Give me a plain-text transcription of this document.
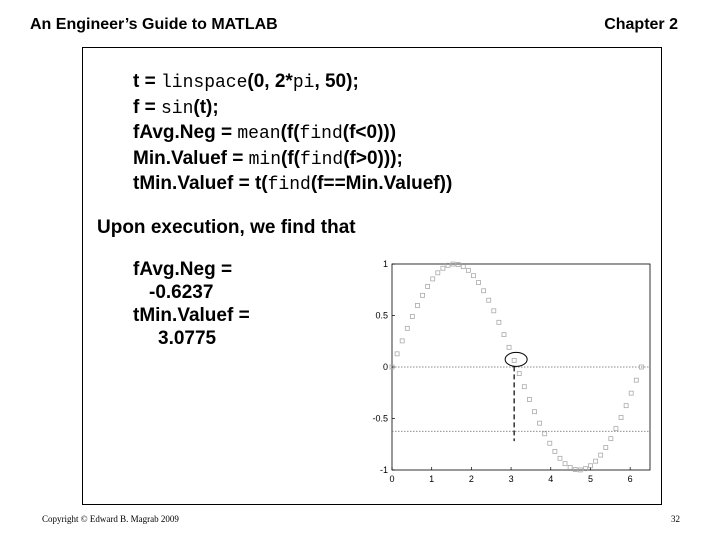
An Engineer’s Guide to MATLAB	Chapter 2
t = linspace(0, 2*pi, 50);
f = sin(t);
fAvg.Neg = mean(f(find(f<0)))
Min.Valuef = min(f(find(f>0)));
tMin.Valuef = t(find(f==Min.Valuef))
Upon execution, we find that
fAvg.Neg =
-0.6237
tMin.Valuef =
3.0775
0	1	2	3	4	5	6
1
0.5
0
-0.5
-1
Copyright © Edward B. Magrab 2009	32
